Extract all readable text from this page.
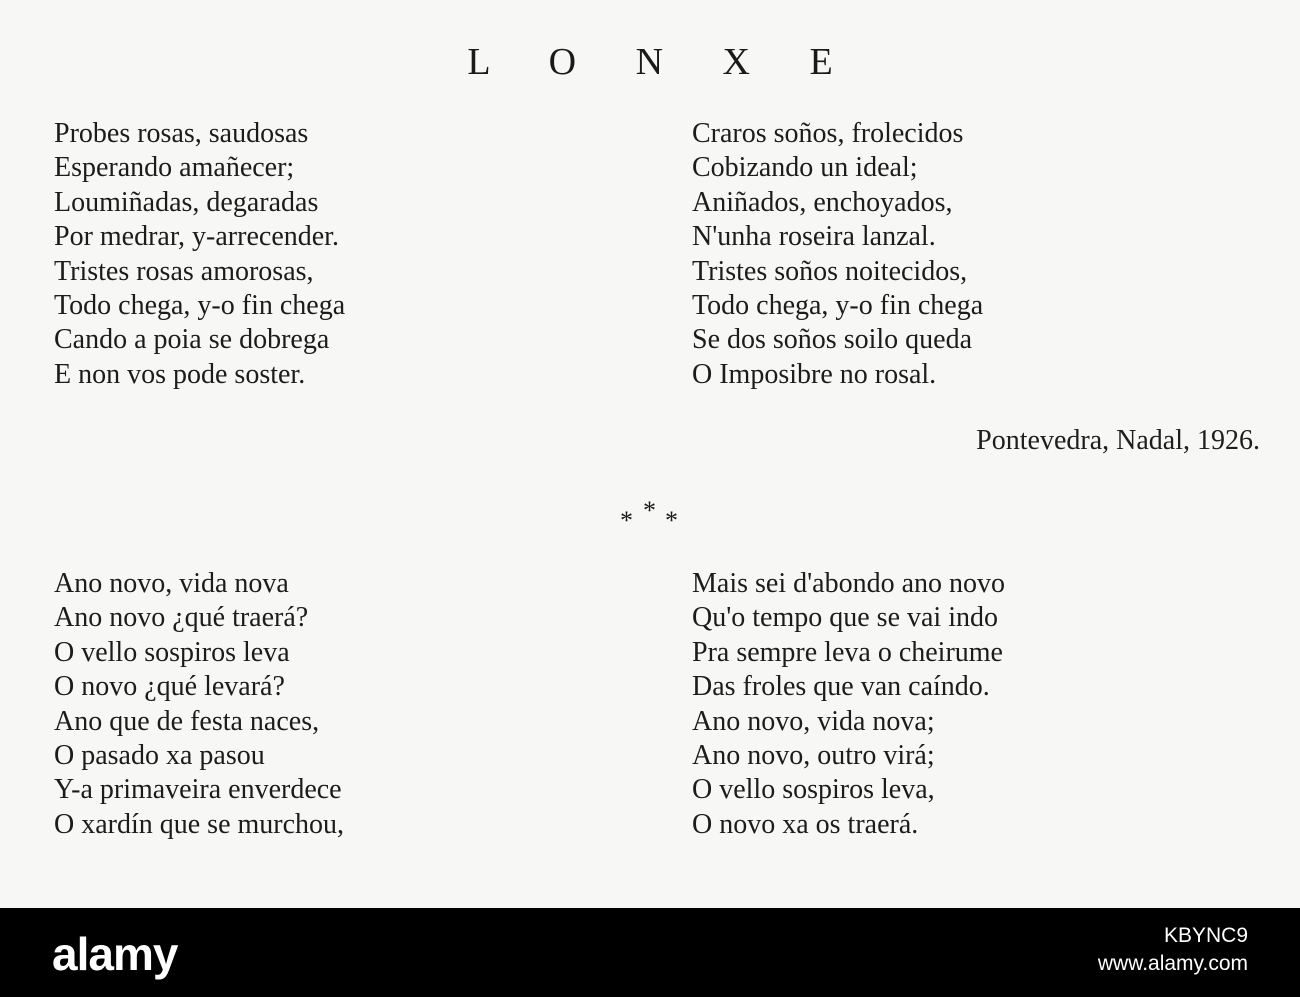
L O N X E
Probes rosas, saudosas
Esperando amañecer;
Loumiñadas, degaradas
Por medrar, y-arrecender.
Tristes rosas amorosas,
Todo chega, y-o fin chega
Cando a poia se dobrega
E non vos pode soster.
Craros soños, frolecidos
Cobizando un ideal;
Aniñados, enchoyados,
N'unha roseira lanzal.
Tristes soños noitecidos,
Todo chega, y-o fin chega
Se dos soños soilo queda
O Imposibre no rosal.
Pontevedra, Nadal, 1926.
* * *
Ano novo, vida nova
Ano novo ¿qué traerá?
O vello sospiros leva
O novo ¿qué levará?
Ano que de festa naces,
O pasado xa pasou
Y-a primaveira enverdece
O xardín que se murchou,
Mais sei d'abondo ano novo
Qu'o tempo que se vai indo
Pra sempre leva o cheirume
Das froles que van caíndo.
Ano novo, vida nova;
Ano novo, outro virá;
O vello sospiros leva,
O novo xa os traerá.
alamy	KBYNC9
www.alamy.com
